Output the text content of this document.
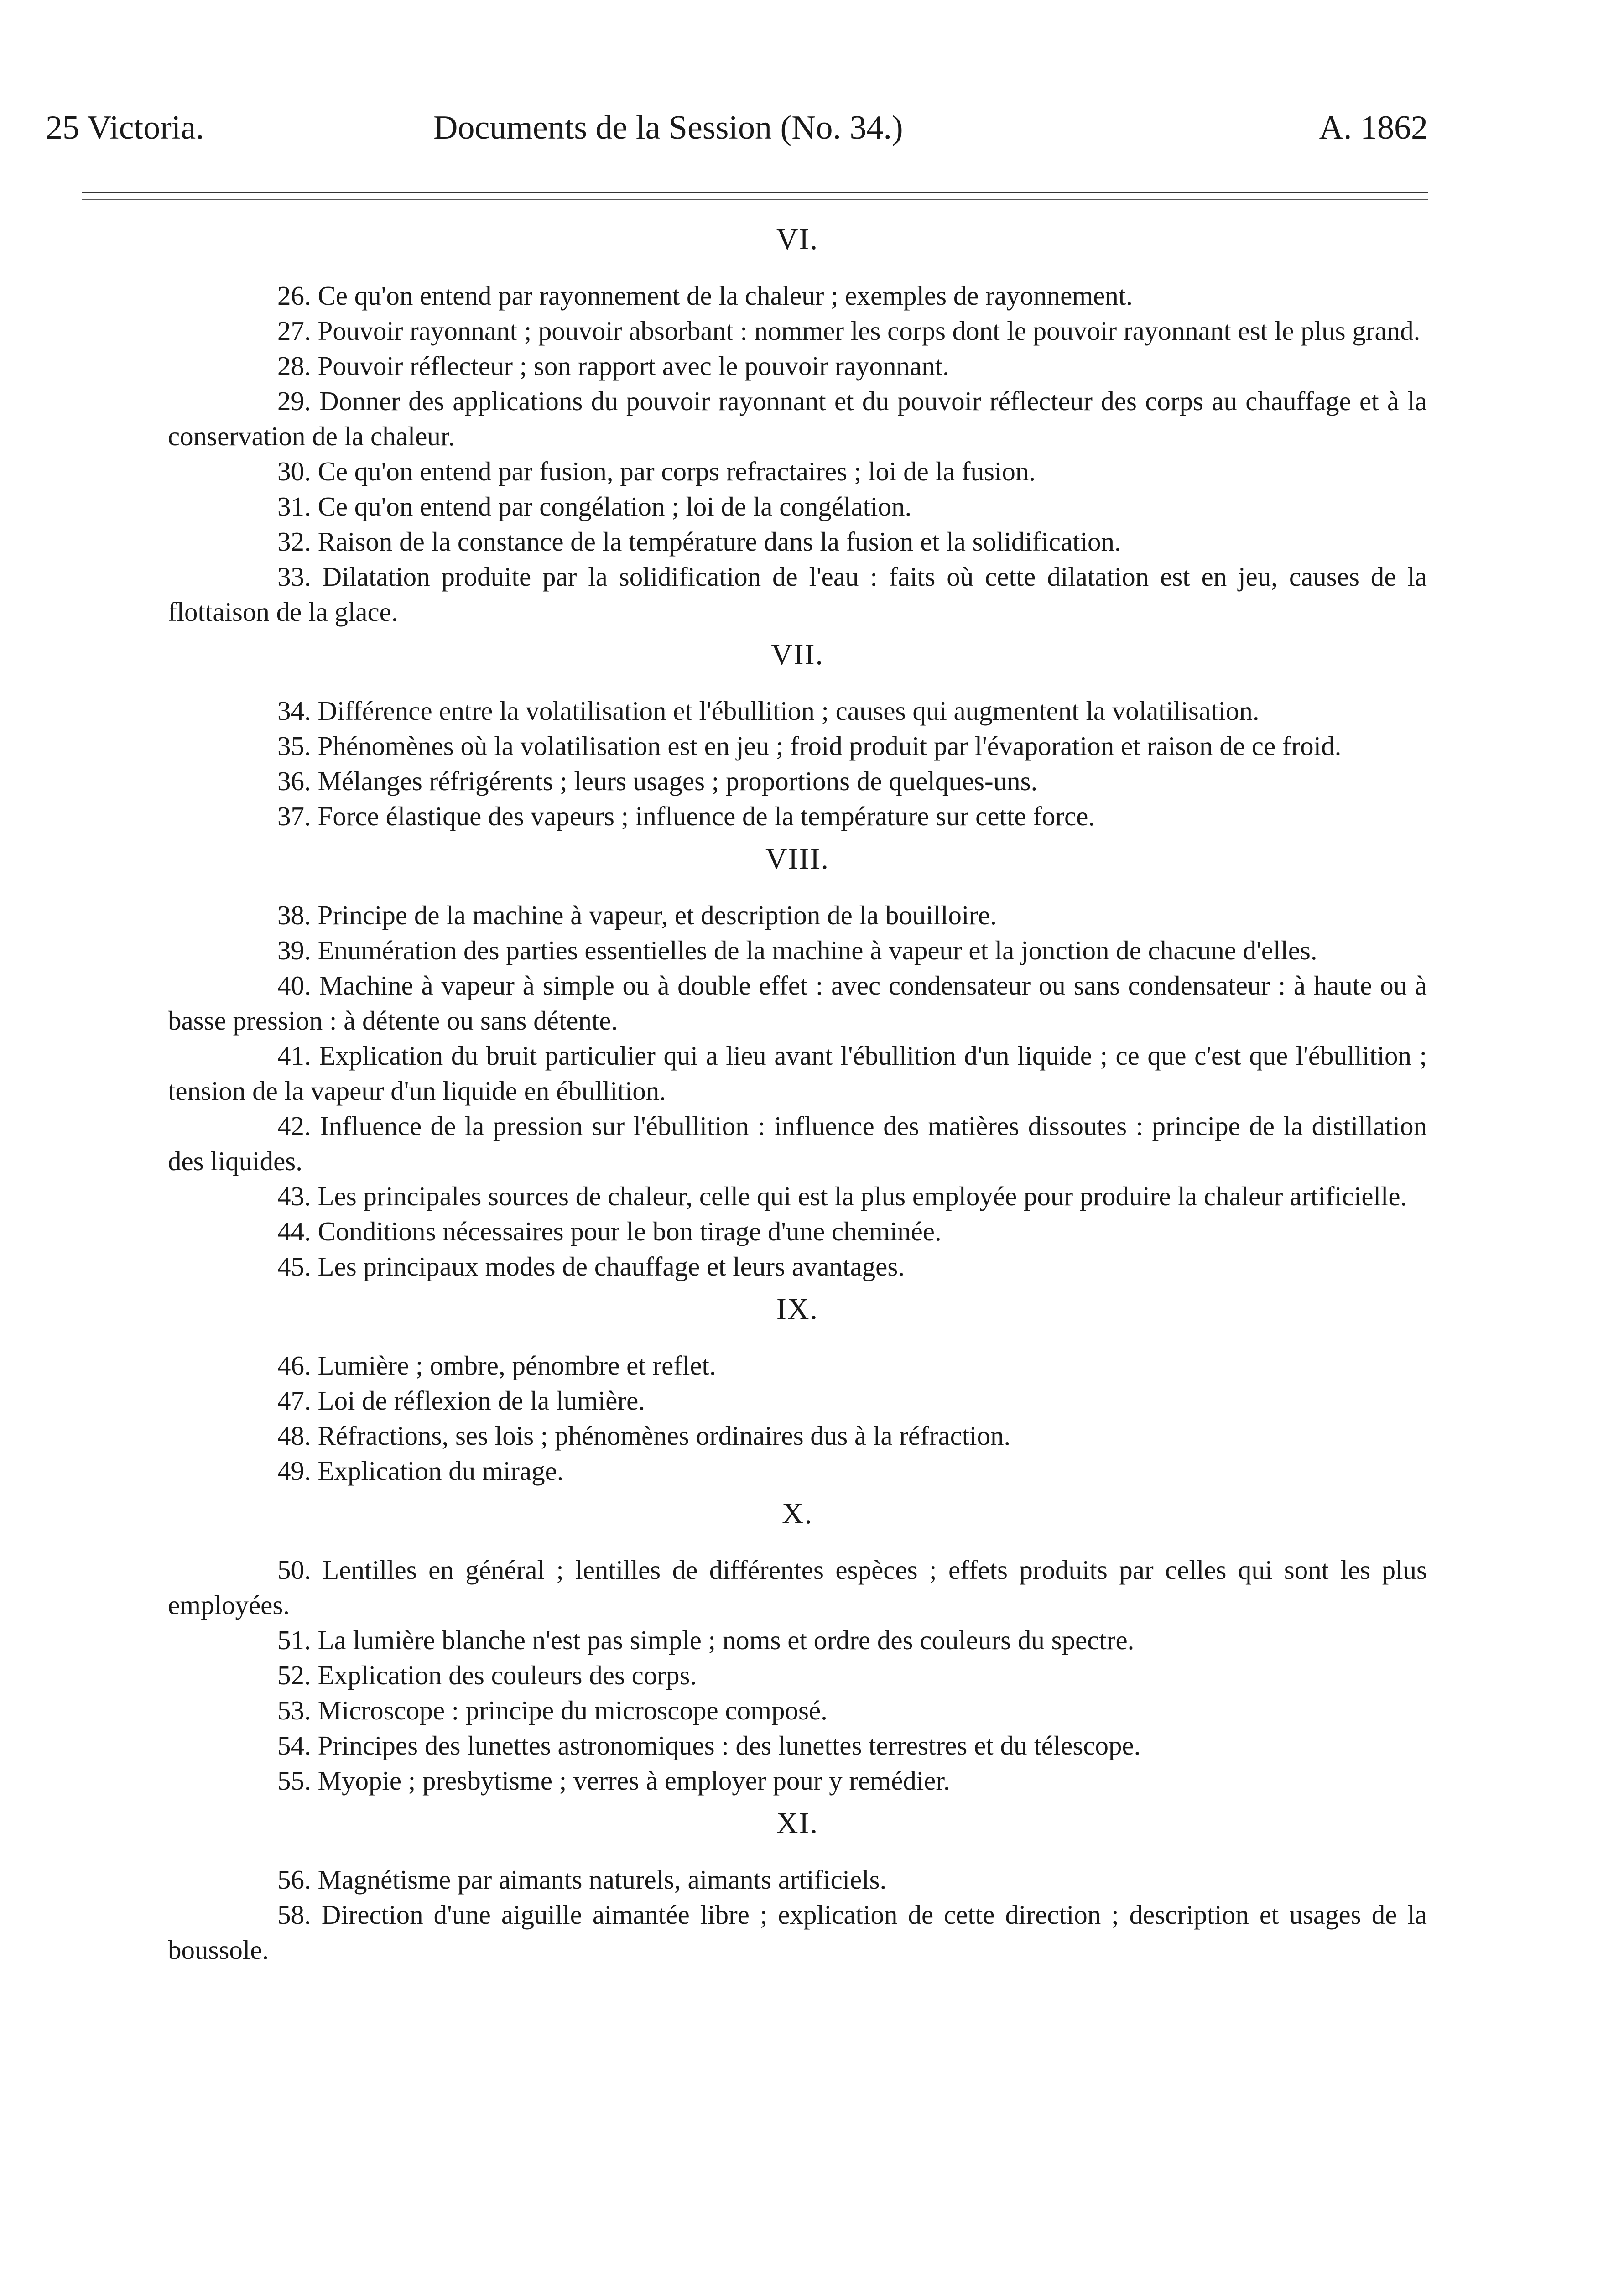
25 Victoria.	Documents de la Session (No. 34.)	A. 1862
VI.

26. Ce qu'on entend par rayonnement de la chaleur ; exemples de rayonnement.

27. Pouvoir rayonnant ; pouvoir absorbant : nommer les corps dont le pouvoir rayonnant est le plus grand.

28. Pouvoir réflecteur ; son rapport avec le pouvoir rayonnant.

29. Donner des applications du pouvoir rayonnant et du pouvoir réflecteur des corps au chauffage et à la conservation de la chaleur.

30. Ce qu'on entend par fusion, par corps refractaires ; loi de la fusion.

31. Ce qu'on entend par congélation ; loi de la congélation.

32. Raison de la constance de la température dans la fusion et la solidification.

33. Dilatation produite par la solidification de l'eau : faits où cette dilatation est en jeu, causes de la flottaison de la glace.

VII.

34. Différence entre la volatilisation et l'ébullition ; causes qui augmentent la volatilisation.

35. Phénomènes où la volatilisation est en jeu ; froid produit par l'évaporation et raison de ce froid.

36. Mélanges réfrigérents ; leurs usages ; proportions de quelques-uns.

37. Force élastique des vapeurs ; influence de la température sur cette force.

VIII.

38. Principe de la machine à vapeur, et description de la bouilloire.

39. Enumération des parties essentielles de la machine à vapeur et la jonction de chacune d'elles.

40. Machine à vapeur à simple ou à double effet : avec condensateur ou sans condensateur : à haute ou à basse pression : à détente ou sans détente.

41. Explication du bruit particulier qui a lieu avant l'ébullition d'un liquide ; ce que c'est que l'ébullition ; tension de la vapeur d'un liquide en ébullition.

42. Influence de la pression sur l'ébullition : influence des matières dissoutes : principe de la distillation des liquides.

43. Les principales sources de chaleur, celle qui est la plus employée pour produire la chaleur artificielle.

44. Conditions nécessaires pour le bon tirage d'une cheminée.

45. Les principaux modes de chauffage et leurs avantages.

IX.

46. Lumière ; ombre, pénombre et reflet.

47. Loi de réflexion de la lumière.

48. Réfractions, ses lois ; phénomènes ordinaires dus à la réfraction.

49. Explication du mirage.

X.

50. Lentilles en général ; lentilles de différentes espèces ; effets produits par celles qui sont les plus employées.

51. La lumière blanche n'est pas simple ; noms et ordre des couleurs du spectre.

52. Explication des couleurs des corps.

53. Microscope : principe du microscope composé.

54. Principes des lunettes astronomiques : des lunettes terrestres et du télescope.

55. Myopie ; presbytisme ; verres à employer pour y remédier.

XI.

56. Magnétisme par aimants naturels, aimants artificiels.

58. Direction d'une aiguille aimantée libre ; explication de cette direction ; description et usages de la boussole.
